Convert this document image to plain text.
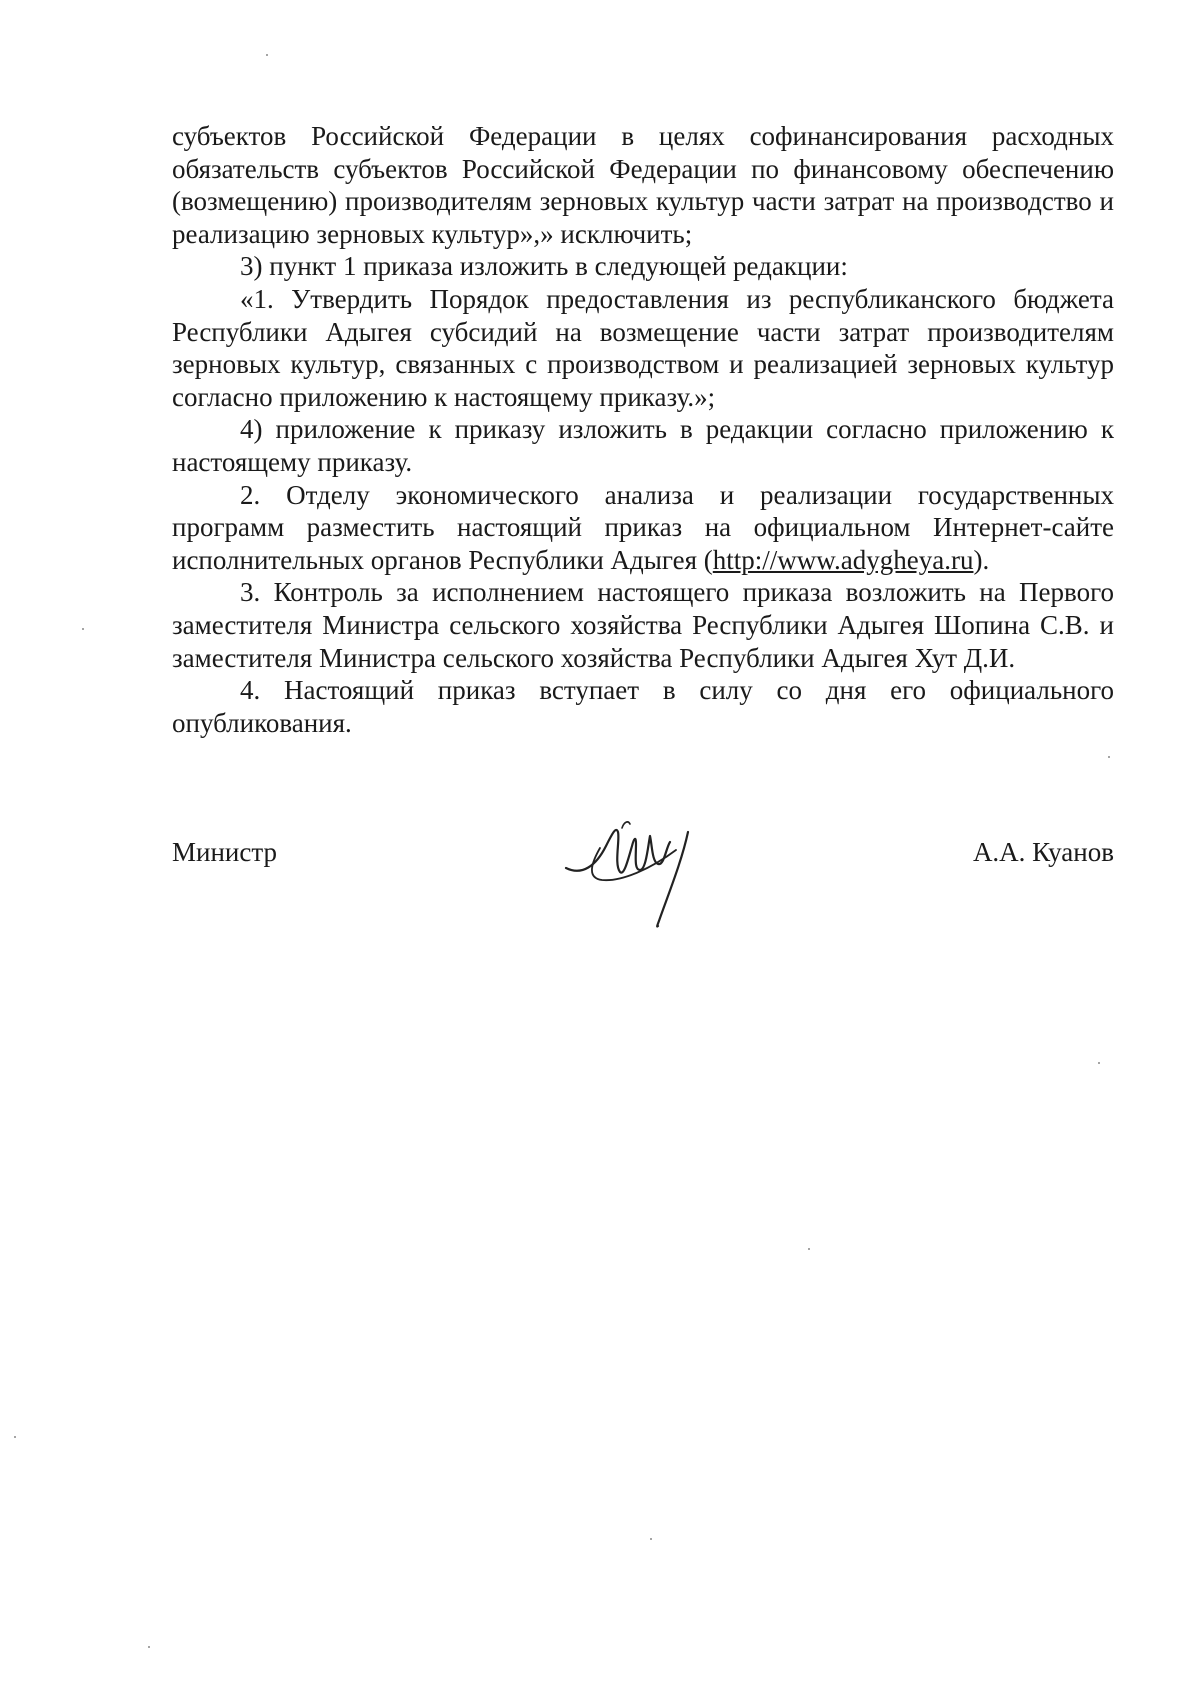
субъектов Российской Федерации в целях софинансирования расходных обязательств субъектов Российской Федерации по финансовому обеспечению (возмещению) производителям зерновых культур части затрат на производство и реализацию зерновых культур»,» исключить;

3) пункт 1 приказа изложить в следующей редакции:

«1. Утвердить Порядок предоставления из республиканского бюджета Республики Адыгея субсидий на возмещение части затрат производителям зерновых культур, связанных с производством и реализацией зерновых культур согласно приложению к настоящему приказу.»;

4) приложение к приказу изложить в редакции согласно приложению к настоящему приказу.

2. Отделу экономического анализа и реализации государственных программ разместить настоящий приказ на официальном Интернет-сайте исполнительных органов Республики Адыгея (http://www.adygheya.ru).

3. Контроль за исполнением настоящего приказа возложить на Первого заместителя Министра сельского хозяйства Республики Адыгея Шопина С.В. и заместителя Министра сельского хозяйства Республики Адыгея Хут Д.И.

4. Настоящий приказ вступает в силу со дня его официального опубликования.

Министр	А.А. Куанов
